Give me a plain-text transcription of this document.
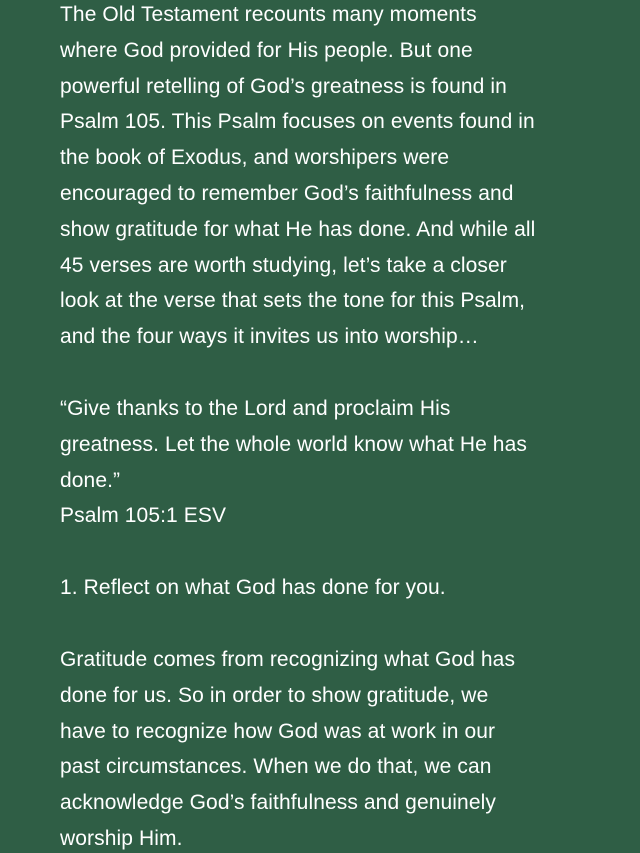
The Old Testament recounts many moments
where God provided for His people. But one
powerful retelling of God’s greatness is found in
Psalm 105. This Psalm focuses on events found in
the book of Exodus, and worshipers were
encouraged to remember God’s faithfulness and
show gratitude for what He has done. And while all
45 verses are worth studying, let’s take a closer
look at the verse that sets the tone for this Psalm,
and the four ways it invites us into worship…
“Give thanks to the Lord and proclaim His
greatness. Let the whole world know what He has
done.”
Psalm 105:1 ESV
1. Reflect on what God has done for you.
Gratitude comes from recognizing what God has
done for us. So in order to show gratitude, we
have to recognize how God was at work in our
past circumstances. When we do that, we can
acknowledge God’s faithfulness and genuinely
worship Him.
